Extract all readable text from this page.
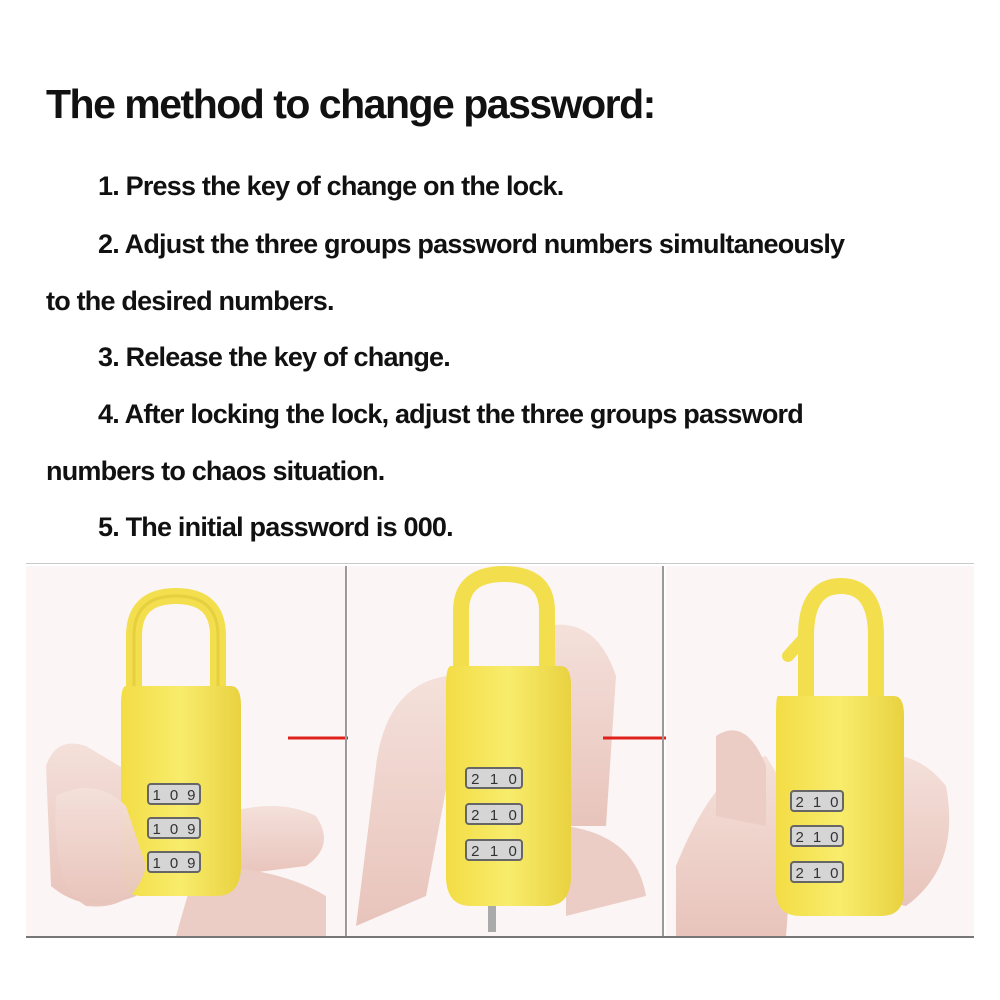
The method to change password:
1. Press the key of change on the lock.
2. Adjust the three groups password numbers simultaneously
to the desired numbers.
3. Release the key of change.
4. After locking the lock, adjust the three groups password
numbers to chaos situation.
5. The initial password is 000.
1 0 9
1 0 9
1 0 9
2 1 0
2 1 0
2 1 0
2 1 0
2 1 0
2 1 0
